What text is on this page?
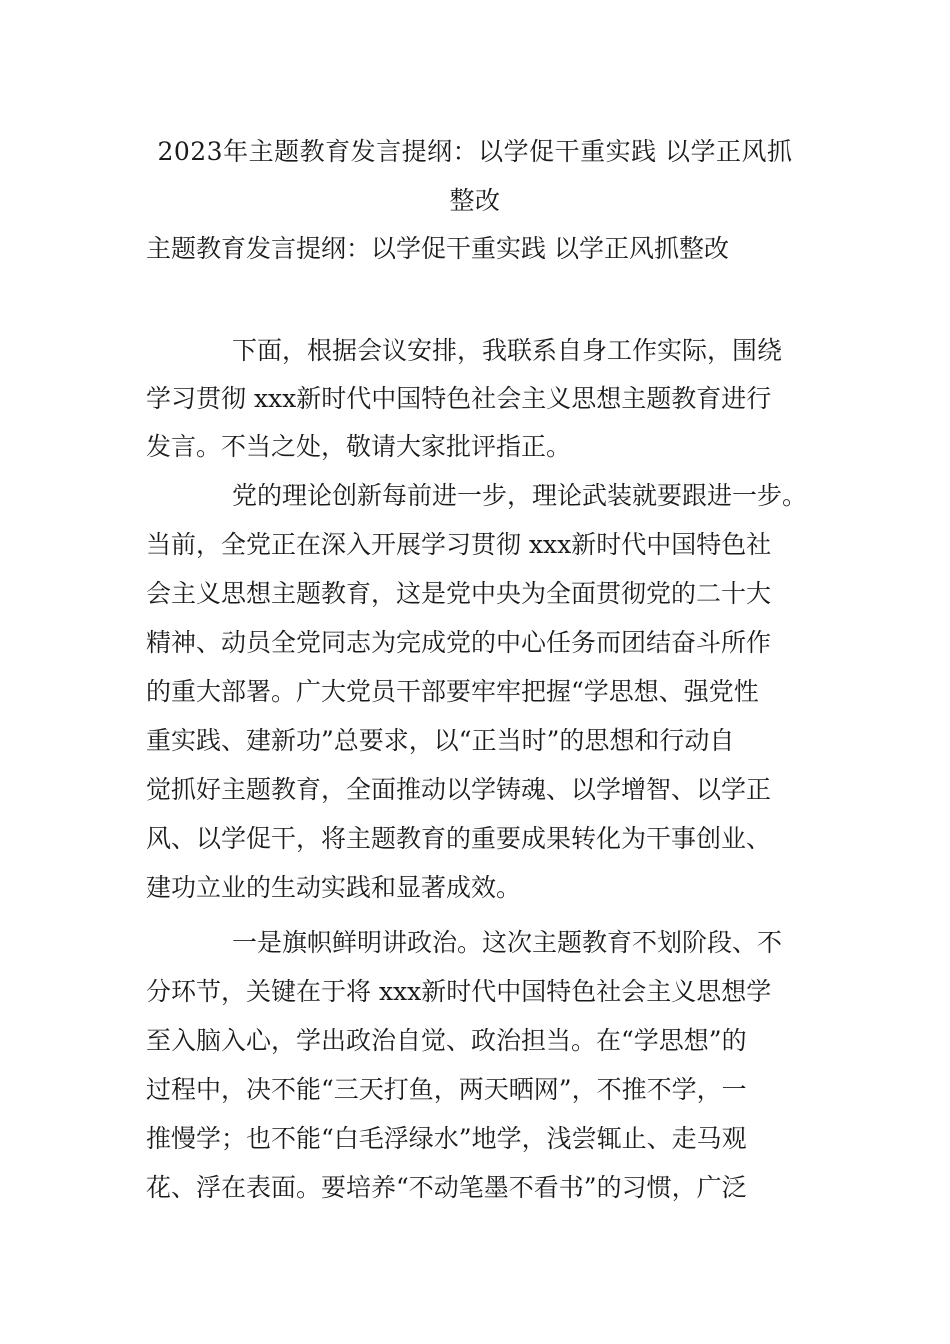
2023年主题教育发言提纲：以学促干重实践 以学正风抓
整改

主题教育发言提纲：以学促干重实践 以学正风抓整改

下面，根据会议安排，我联系自身工作实际，围绕

学习贯彻 xxx新时代中国特色社会主义思想主题教育进行

发言。不当之处，敬请大家批评指正。

党的理论创新每前进一步，理论武装就要跟进一步。

当前，全党正在深入开展学习贯彻 xxx新时代中国特色社

会主义思想主题教育，这是党中央为全面贯彻党的二十大

精神、动员全党同志为完成党的中心任务而团结奋斗所作

的重大部署。广大党员干部要牢牢把握“学思想、强党性

重实践、建新功”总要求，以“正当时”的思想和行动自

觉抓好主题教育，全面推动以学铸魂、以学增智、以学正

风、以学促干，将主题教育的重要成果转化为干事创业、

建功立业的生动实践和显著成效。

一是旗帜鲜明讲政治。这次主题教育不划阶段、不

分环节，关键在于将 xxx新时代中国特色社会主义思想学

至入脑入心，学出政治自觉、政治担当。在“学思想”的

过程中，决不能“三天打鱼，两天晒网”，不推不学，一

推慢学；也不能“白毛浮绿水”地学，浅尝辄止、走马观

花、浮在表面。要培养“不动笔墨不看书”的习惯，广泛
